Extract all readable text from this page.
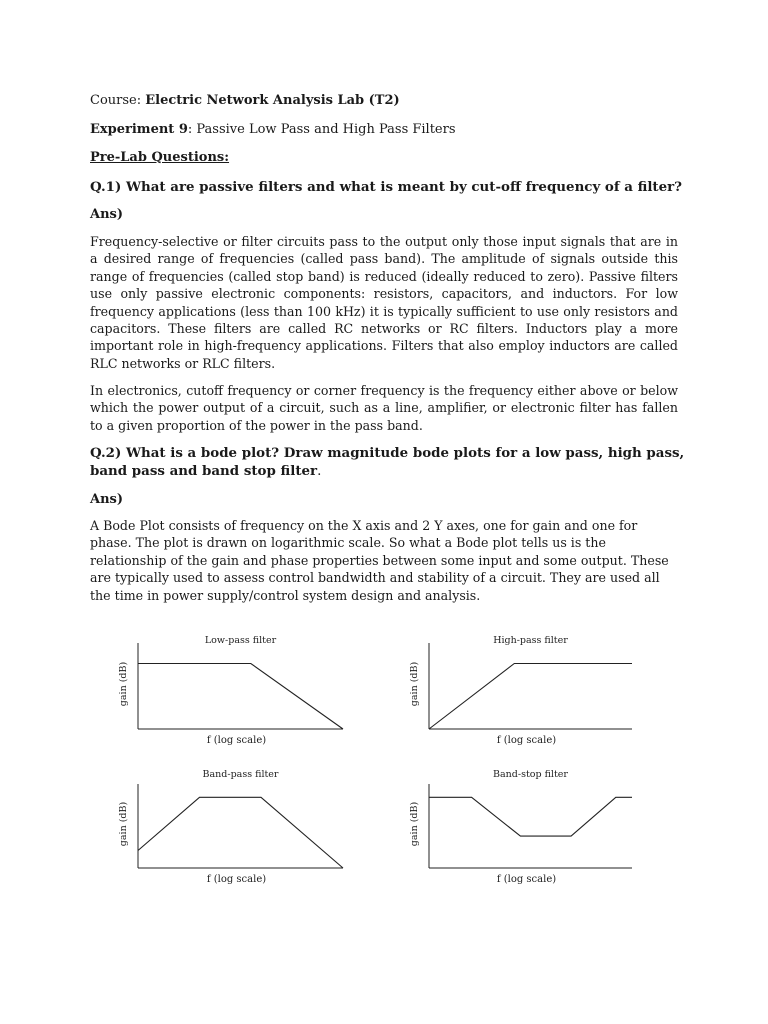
Course: Electric Network Analysis Lab (T2)
Experiment 9: Passive Low Pass and High Pass Filters
Pre-Lab Questions:
Q.1) What are passive filters and what is meant by cut-off frequency of a filter?
Ans)
Frequency-selective or filter circuits pass to the output only those input signals that are in a desired range of frequencies (called pass band). The amplitude of signals outside this range of frequencies (called stop band) is reduced (ideally reduced to zero). Passive filters use only passive electronic components: resistors, capacitors, and inductors. For low frequency applications (less than 100 kHz) it is typically sufficient to use only resistors and capacitors. These filters are called RC networks or RC filters. Inductors play a more important role in high-frequency applications. Filters that also employ inductors are called RLC networks or RLC filters.
In electronics, cutoff frequency or corner frequency is the frequency either above or below which the power output of a circuit, such as a line, amplifier, or electronic filter has fallen to a given proportion of the power in the pass band.
Q.2) What is a bode plot? Draw magnitude bode plots for a low pass, high pass,
band pass and band stop filter.
Ans)
A Bode Plot consists of frequency on the X axis and 2 Y axes, one for gain and one for phase. The plot is drawn on logarithmic scale. So what a Bode plot tells us is the relationship of the gain and phase properties between some input and some output. These are typically used to assess control bandwidth and stability of a circuit. They are used all the time in power supply/control system design and analysis.
Low-pass filter
f (log scale)
gain (dB)
High-pass filter
f (log scale)
gain (dB)
Band-pass filter
f (log scale)
gain (dB)
Band-stop filter
f (log scale)
gain (dB)
